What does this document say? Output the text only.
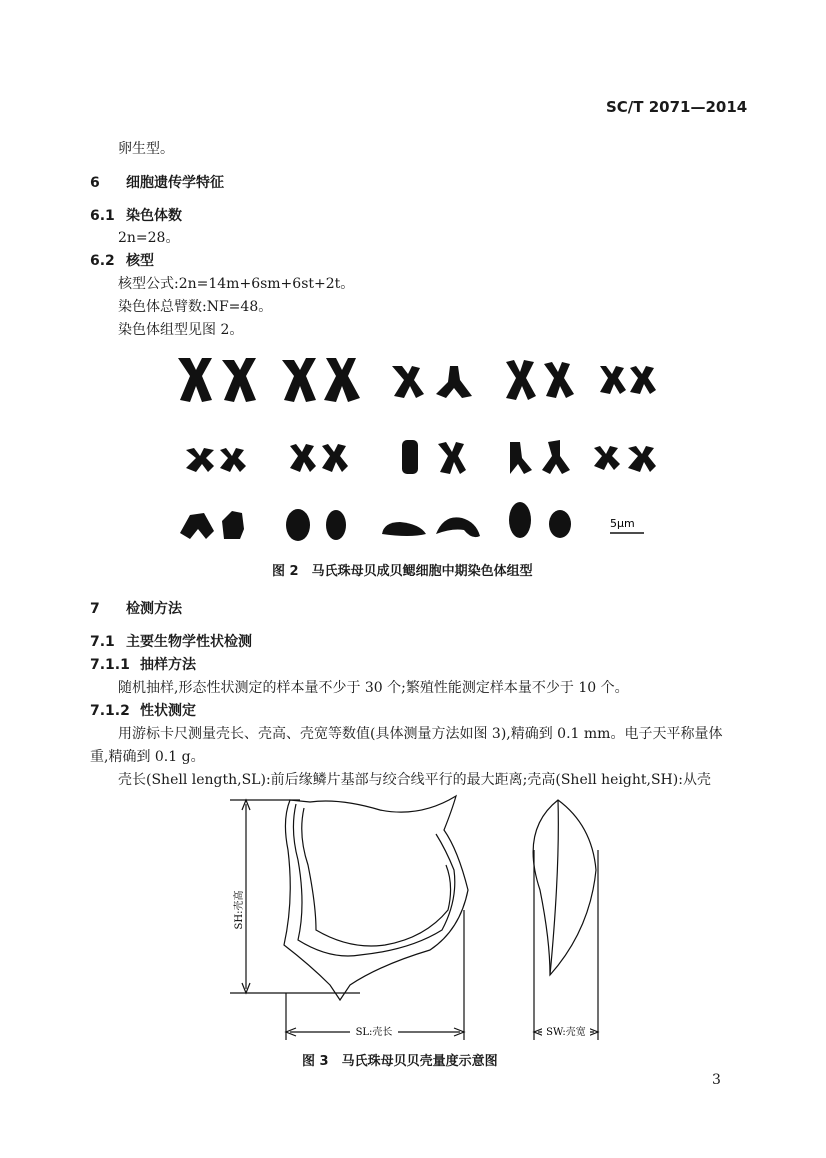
SC/T 2071—2014
卵生型。
6 细胞遗传学特征
6.1 染色体数
2n=28。
6.2 核型
核型公式:2n=14m+6sm+6st+2t。
染色体总臂数:NF=48。
染色体组型见图 2。
5μm
图 2　马氏珠母贝成贝鳃细胞中期染色体组型
7 检测方法
7.1 主要生物学性状检测
7.1.1 抽样方法
随机抽样,形态性状测定的样本量不少于 30 个;繁殖性能测定样本量不少于 10 个。
7.1.2 性状测定
用游标卡尺测量壳长、壳高、壳宽等数值(具体测量方法如图 3),精确到 0.1 mm。电子天平称量体
重,精确到 0.1 g。
壳长(Shell length,SL):前后缘鳞片基部与绞合线平行的最大距离;壳高(Shell height,SH):从壳
SH:壳高
SL:壳长	SW:壳宽
图 3　马氏珠母贝贝壳量度示意图
3
